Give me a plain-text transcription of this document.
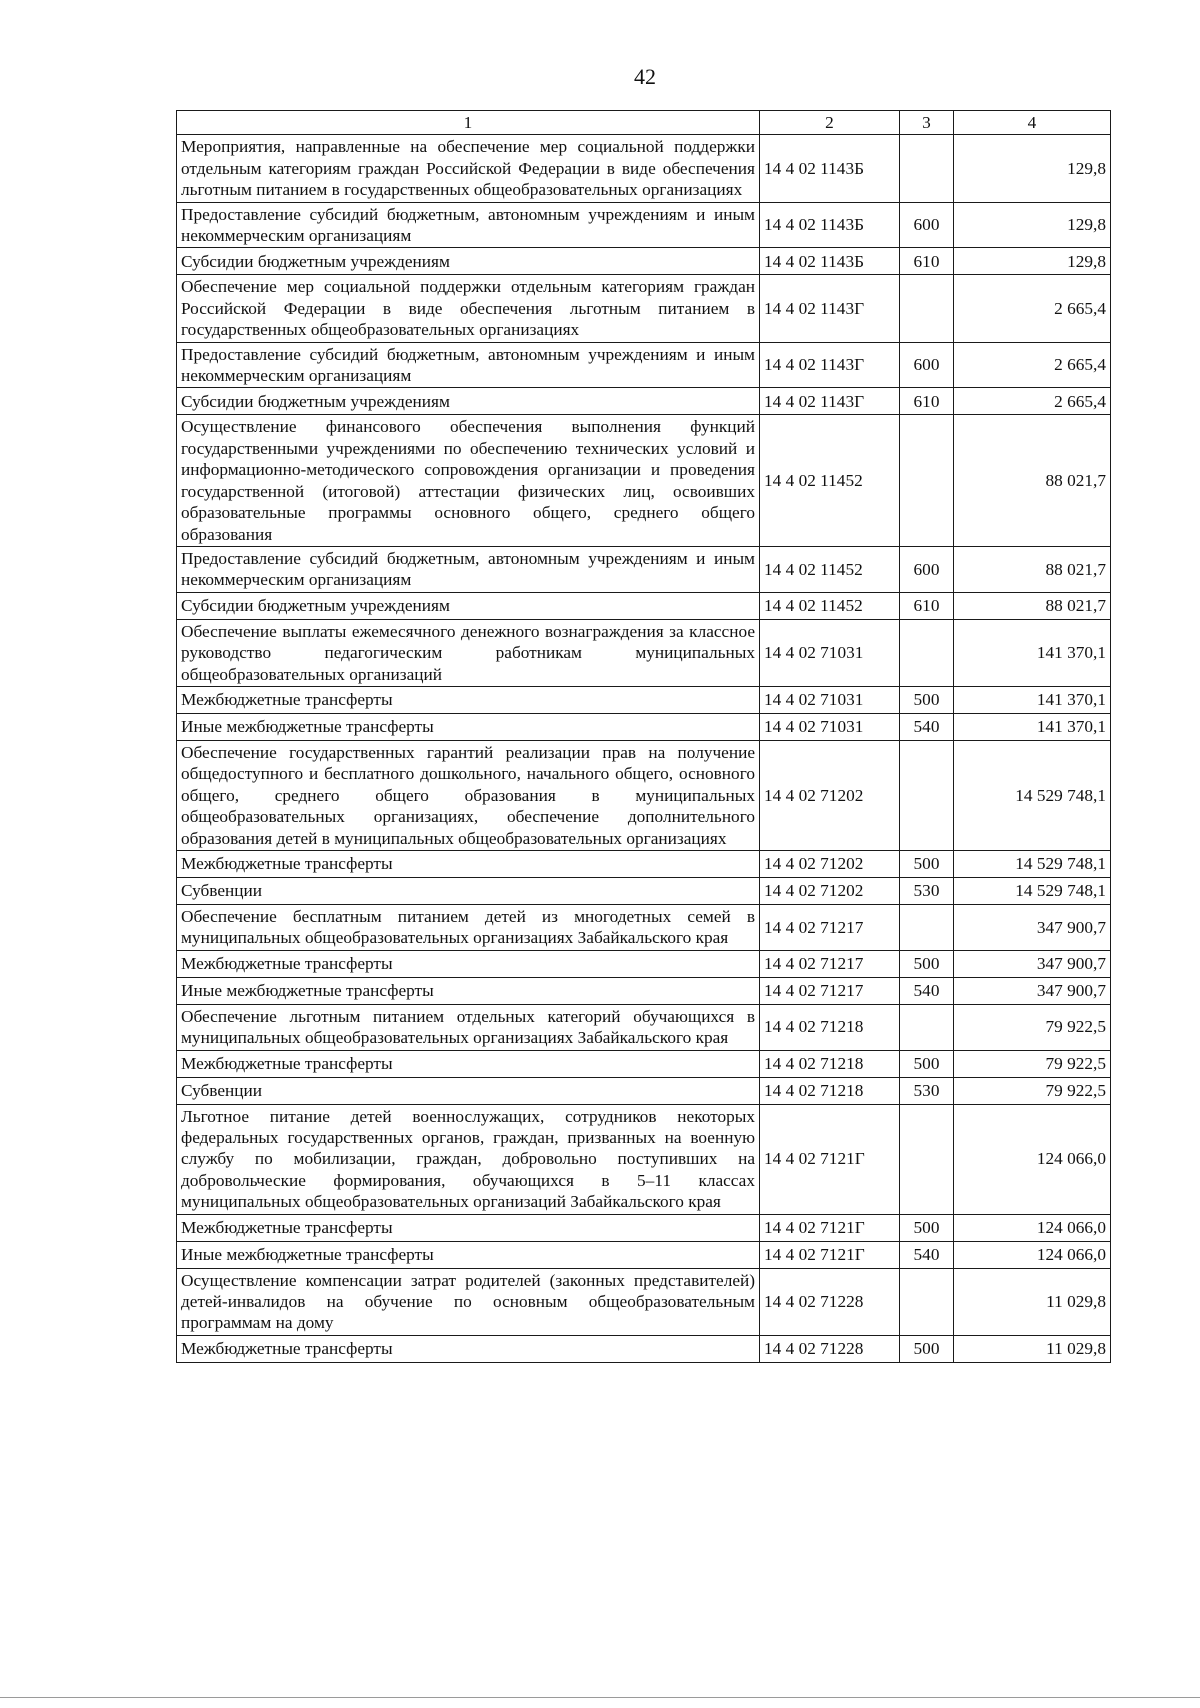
42
1	2	3	4
Мероприятия, направленные на обеспечение мер социальной поддержки отдельным категориям граждан Российской Федерации в виде обеспечения льготным питанием в государственных общеобразовательных организациях	14 4 02 1143Б		129,8
Предоставление субсидий бюджетным, автономным учреждениям и иным некоммерческим организациям	14 4 02 1143Б	600	129,8
Субсидии бюджетным учреждениям	14 4 02 1143Б	610	129,8
Обеспечение мер социальной поддержки отдельным категориям граждан Российской Федерации в виде обеспечения льготным питанием в государственных общеобразовательных организациях	14 4 02 1143Г		2 665,4
Предоставление субсидий бюджетным, автономным учреждениям и иным некоммерческим организациям	14 4 02 1143Г	600	2 665,4
Субсидии бюджетным учреждениям	14 4 02 1143Г	610	2 665,4
Осуществление финансового обеспечения выполнения функций государственными учреждениями по обеспечению технических условий и информационно-методического сопровождения организации и проведения государственной (итоговой) аттестации физических лиц, освоивших образовательные программы основного общего, среднего общего образования	14 4 02 11452		88 021,7
Предоставление субсидий бюджетным, автономным учреждениям и иным некоммерческим организациям	14 4 02 11452	600	88 021,7
Субсидии бюджетным учреждениям	14 4 02 11452	610	88 021,7
Обеспечение выплаты ежемесячного денежного вознаграждения за классное руководство педагогическим работникам муниципальных общеобразовательных организаций	14 4 02 71031		141 370,1
Межбюджетные трансферты	14 4 02 71031	500	141 370,1
Иные межбюджетные трансферты	14 4 02 71031	540	141 370,1
Обеспечение государственных гарантий реализации прав на получение общедоступного и бесплатного дошкольного, начального общего, основного общего, среднего общего образования в муниципальных общеобразовательных организациях, обеспечение дополнительного образования детей в муниципальных общеобразовательных организациях	14 4 02 71202		14 529 748,1
Межбюджетные трансферты	14 4 02 71202	500	14 529 748,1
Субвенции	14 4 02 71202	530	14 529 748,1
Обеспечение бесплатным питанием детей из многодетных семей в муниципальных общеобразовательных организациях Забайкальского края	14 4 02 71217		347 900,7
Межбюджетные трансферты	14 4 02 71217	500	347 900,7
Иные межбюджетные трансферты	14 4 02 71217	540	347 900,7
Обеспечение льготным питанием отдельных категорий обучающихся в муниципальных общеобразовательных организациях Забайкальского края	14 4 02 71218		79 922,5
Межбюджетные трансферты	14 4 02 71218	500	79 922,5
Субвенции	14 4 02 71218	530	79 922,5
Льготное питание детей военнослужащих, сотрудников некоторых федеральных государственных органов, граждан, призванных на военную службу по мобилизации, граждан, добровольно поступивших на добровольческие формирования, обучающихся в 5–11 классах муниципальных общеобразовательных организаций Забайкальского края	14 4 02 7121Г		124 066,0
Межбюджетные трансферты	14 4 02 7121Г	500	124 066,0
Иные межбюджетные трансферты	14 4 02 7121Г	540	124 066,0
Осуществление компенсации затрат родителей (законных представителей) детей-инвалидов на обучение по основным общеобразовательным программам на дому	14 4 02 71228		11 029,8
Межбюджетные трансферты	14 4 02 71228	500	11 029,8
